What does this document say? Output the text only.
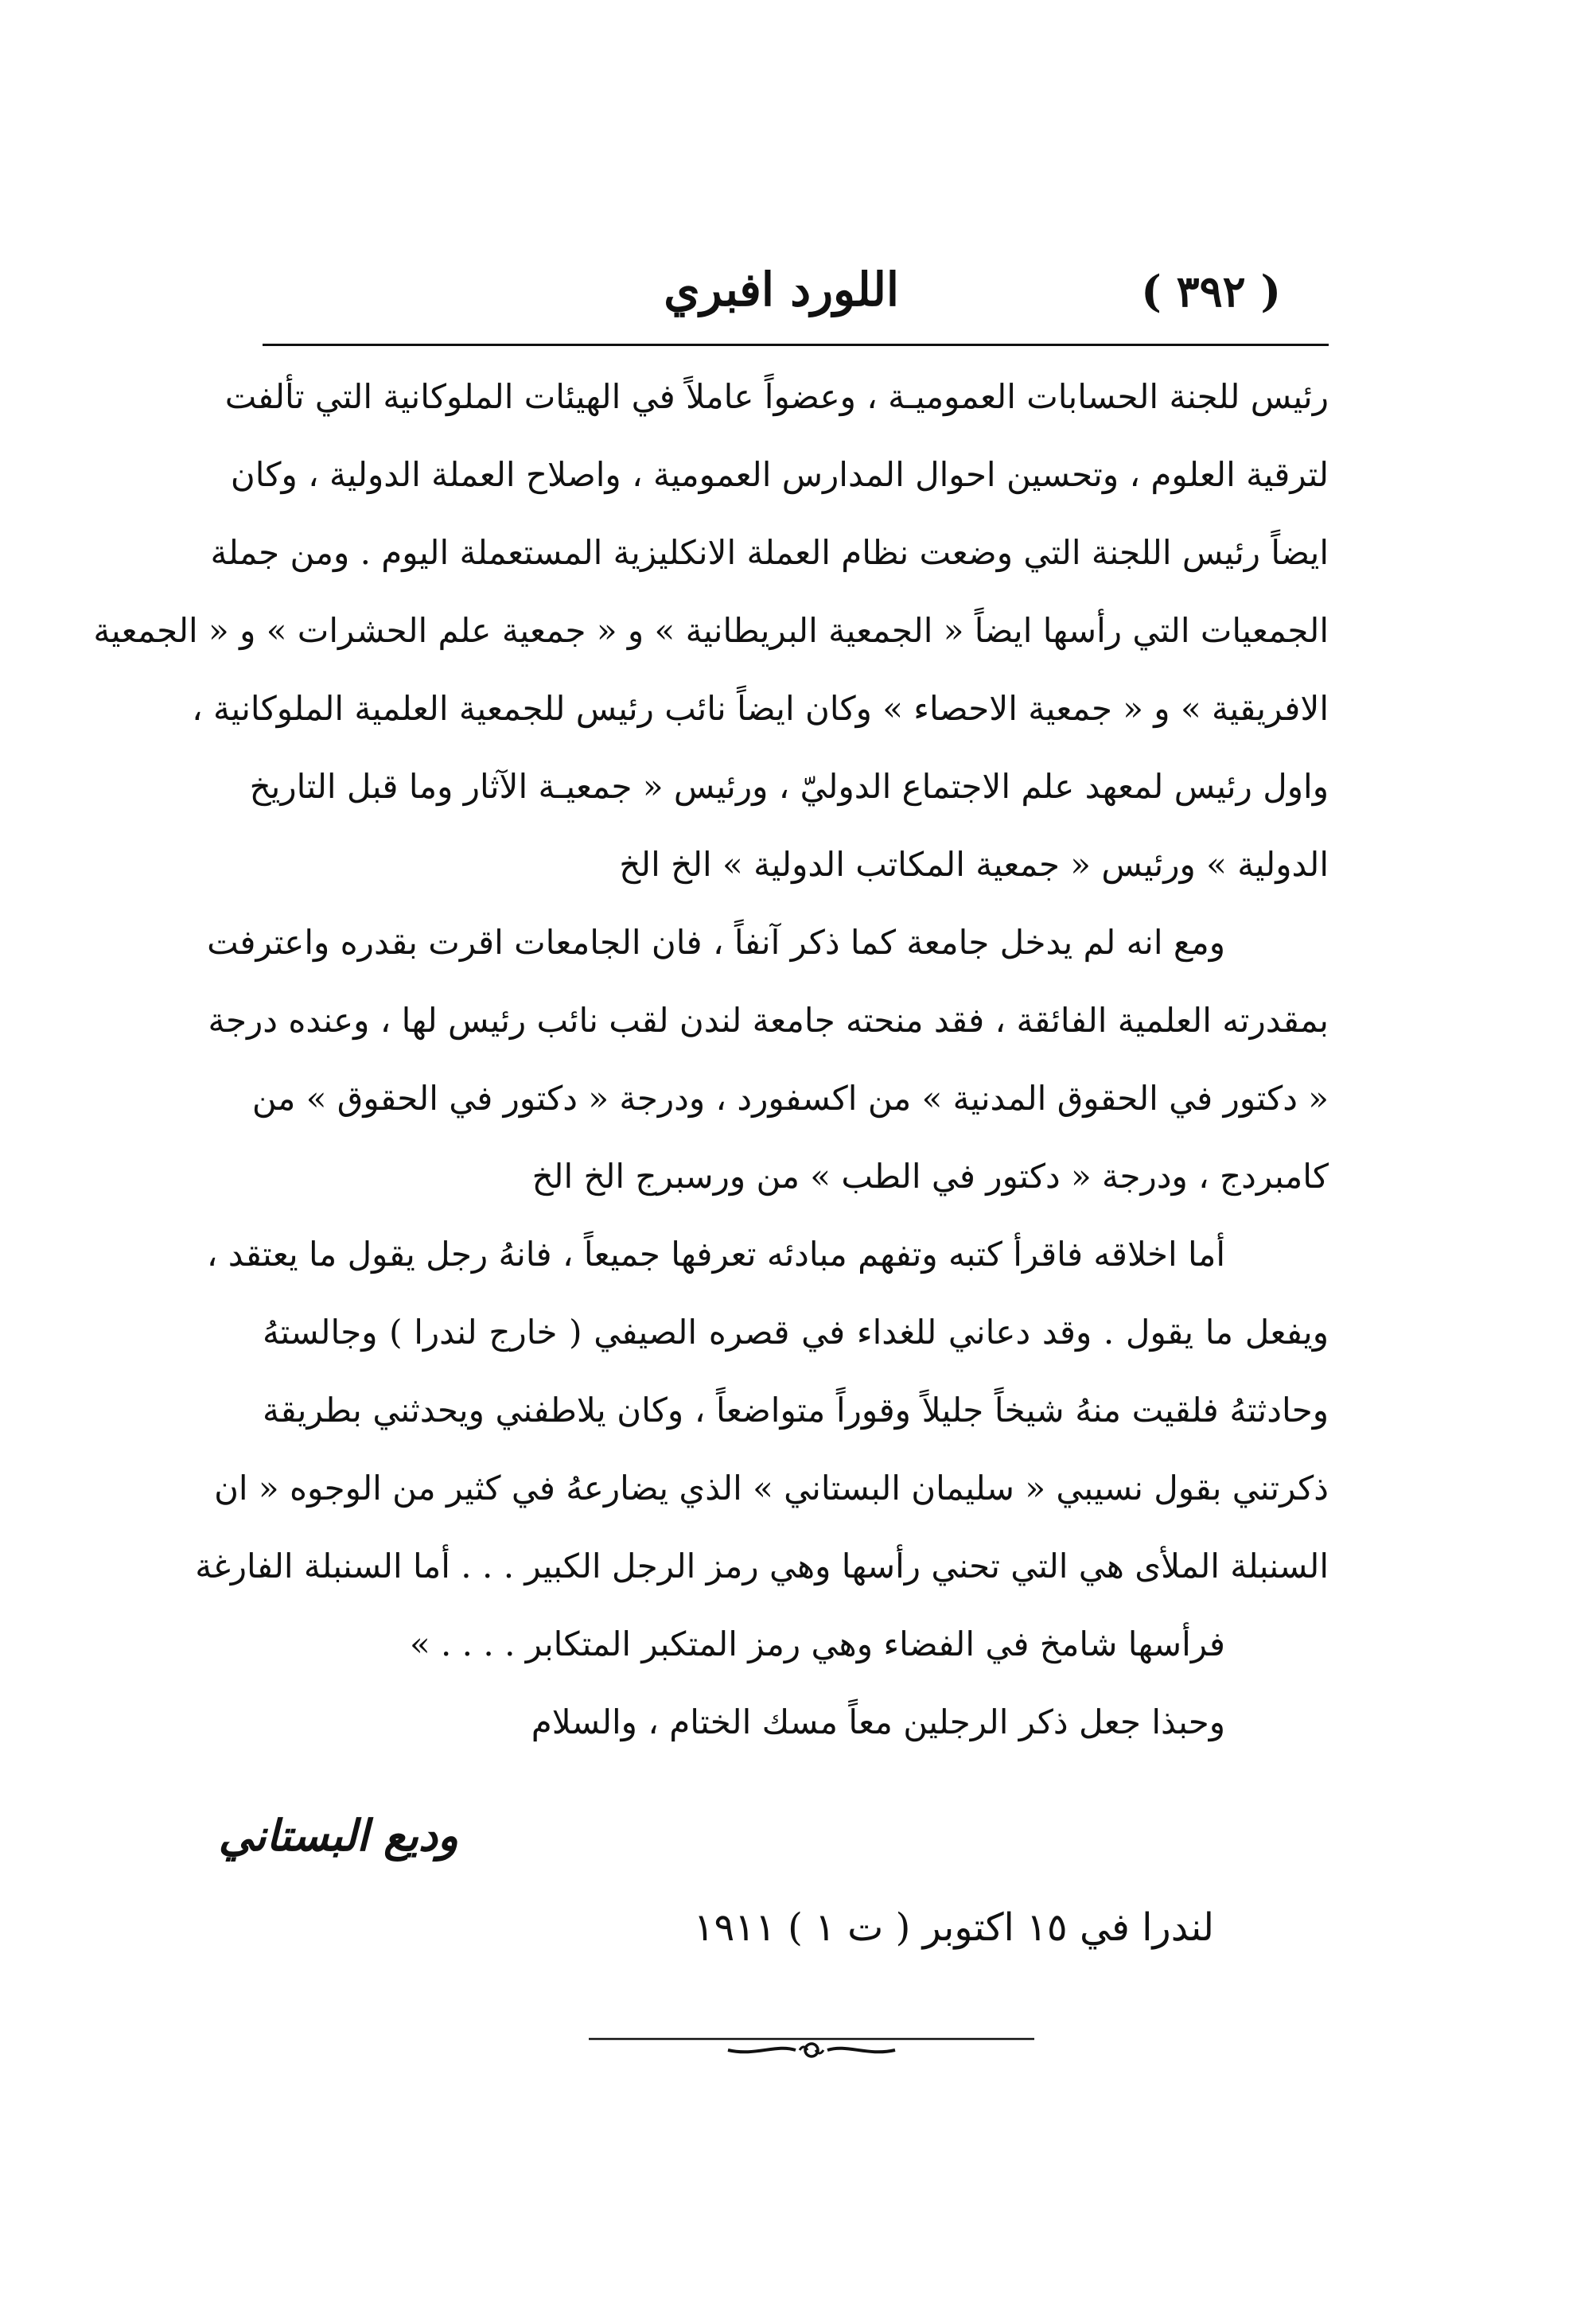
( ٣٩٢ )
اللورد افبري
رئيس للجنة الحسابات العموميـة ، وعضواً عاملاً في الهيئات الملوكانية التي تألفت
لترقية العلوم ، وتحسين احوال المدارس العمومية ، واصلاح العملة الدولية ، وكان
ايضاً رئيس اللجنة التي وضعت نظام العملة الانكليزية المستعملة اليوم . ومن جملة
الجمعيات التي رأسها ايضاً « الجمعية البريطانية » و « جمعية علم الحشرات » و « الجمعية
الافريقية » و « جمعية الاحصاء » وكان ايضاً نائب رئيس للجمعية العلمية الملوكانية ،
واول رئيس لمعهد علم الاجتماع الدوليّ ، ورئيس « جمعيـة الآثار وما قبل التاريخ
الدولية » ورئيس « جمعية المكاتب الدولية » الخ الخ
ومع انه لم يدخل جامعة كما ذكر آنفاً ، فان الجامعات اقرت بقدره واعترفت
بمقدرته العلمية الفائقة ، فقد منحته جامعة لندن لقب نائب رئيس لها ، وعنده درجة
« دكتور في الحقوق المدنية » من اكسفورد ، ودرجة « دكتور في الحقوق » من
كامبردج ، ودرجة « دكتور في الطب » من ورسبرج الخ الخ
أما اخلاقه فاقرأ كتبه وتفهم مبادئه تعرفها جميعاً ، فانهُ رجل يقول ما يعتقد ،
ويفعل ما يقول . وقد دعاني للغداء في قصره الصيفي ( خارج لندرا ) وجالستهُ
وحادثتهُ فلقيت منهُ شيخاً جليلاً وقوراً متواضعاً ، وكان يلاطفني ويحدثني بطريقة
ذكرتني بقول نسيبي « سليمان البستاني » الذي يضارعهُ في كثير من الوجوه « ان
السنبلة الملأى هي التي تحني رأسها وهي رمز الرجل الكبير . . . أما السنبلة الفارغة
فرأسها شامخ في الفضاء وهي رمز المتكبر المتكابر . . . . »
وحبذا جعل ذكر الرجلين معاً مسك الختام ، والسلام
وديع البستاني
لندرا في ١٥ اكتوبر ( ت ١ ) ١٩١١
